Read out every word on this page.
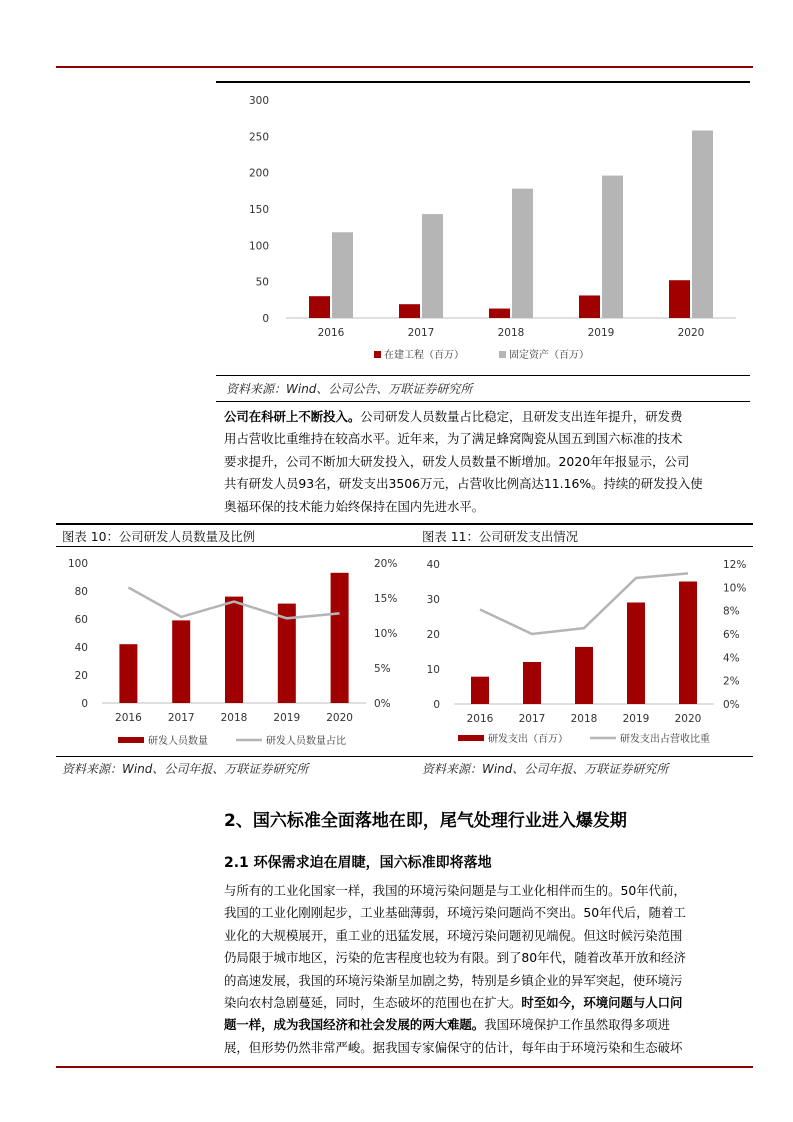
0
50
100
150
200
250
300
2016	2017	2018	2019	2020
在建工程（百万）	固定资产（百万）
资料来源：Wind、公司公告、万联证券研究所
公司在科研上不断投入。公司研发人员数量占比稳定，且研发支出连年提升，研发费
用占营收比重维持在较高水平。近年来，为了满足蜂窝陶瓷从国五到国六标准的技术
要求提升，公司不断加大研发投入，研发人员数量不断增加。2020年年报显示，公司
共有研发人员93名，研发支出3506万元，占营收比例高达11.16%。持续的研发投入使
奥福环保的技术能力始终保持在国内先进水平。
图表 10：公司研发人员数量及比例	图表 11：公司研发支出情况
0
20
40
60
80
100
0%
5%
10%
15%
20%
2016 2017 2018 2019 2020
研发人员数量	研发人员数量占比
0
10
20
30
40
0%
2%
4%
6%
8%
10%
12%
2016 2017 2018 2019 2020
研发支出（百万）	研发支出占营收比重
资料来源：Wind、公司年报、万联证券研究所	资料来源：Wind、公司年报、万联证券研究所
2、国六标准全面落地在即，尾气处理行业进入爆发期
2.1 环保需求迫在眉睫，国六标准即将落地
与所有的工业化国家一样，我国的环境污染问题是与工业化相伴而生的。50年代前，
我国的工业化刚刚起步，工业基础薄弱，环境污染问题尚不突出。50年代后，随着工
业化的大规模展开，重工业的迅猛发展，环境污染问题初见端倪。但这时候污染范围
仍局限于城市地区，污染的危害程度也较为有限。到了80年代，随着改革开放和经济
的高速发展，我国的环境污染渐呈加剧之势，特别是乡镇企业的异军突起，使环境污
染向农村急剧蔓延，同时，生态破坏的范围也在扩大。时至如今，环境问题与人口问
题一样，成为我国经济和社会发展的两大难题。我国环境保护工作虽然取得多项进
展，但形势仍然非常严峻。据我国专家偏保守的估计，每年由于环境污染和生态破坏
